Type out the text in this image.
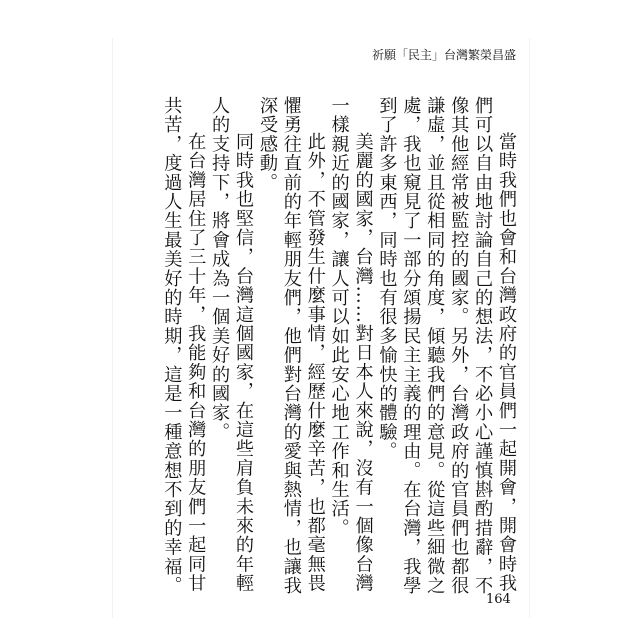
祈願「民主」台灣繁榮昌盛

當時我們也會和台灣政府的官員們一起開會，開會時我們可以自由地討論自己的想法，不必小心謹慎斟酌措辭，不像其他經常被監控的國家。另外，台灣政府的官員們也都很謙虛，並且從相同的角度，傾聽我們的意見。從這些細微之處，我也窺見了一部分頌揚民主主義的理由。在台灣，我學到了許多東西，同時也有很多愉快的體驗。

美麗的國家，台灣……對日本人來說，沒有一個像台灣一樣親近的國家，讓人可以如此安心地工作和生活。

此外，不管發生什麼事情，經歷什麼辛苦，也都毫無畏懼勇往直前的年輕朋友們，他們對台灣的愛與熱情，也讓我深受感動。

同時我也堅信，台灣這個國家，在這些肩負未來的年輕人的支持下，將會成為一個美好的國家。

在台灣居住了三十年，我能夠和台灣的朋友們一起同甘共苦，度過人生最美好的時期，這是一種意想不到的幸福。

164
